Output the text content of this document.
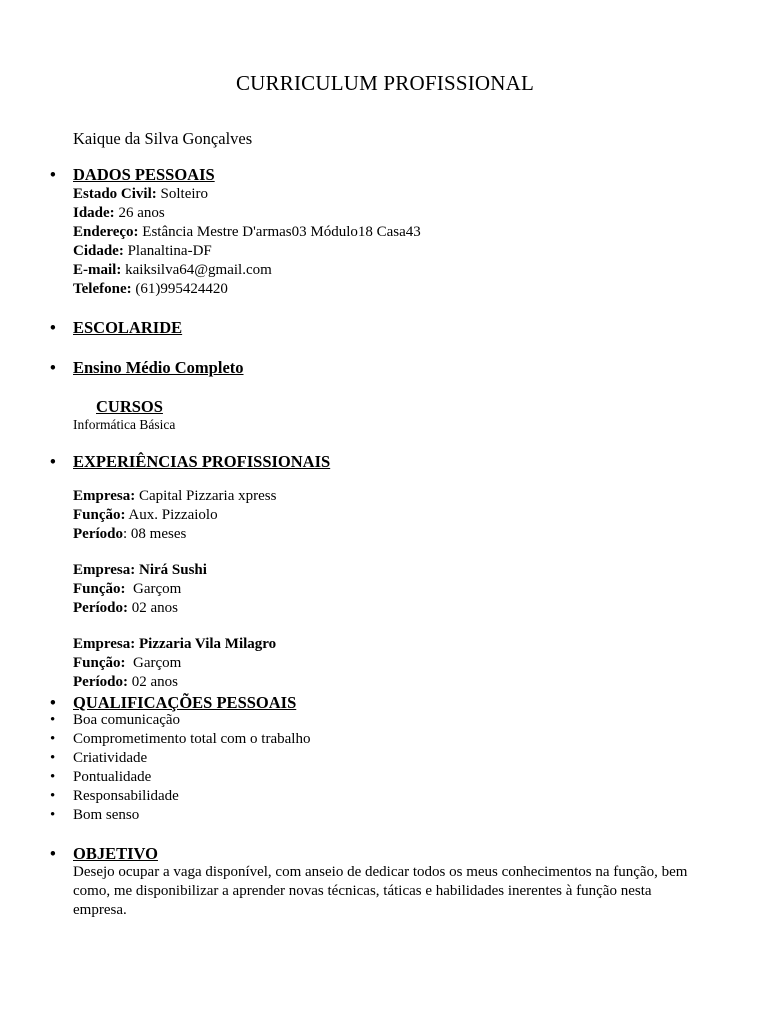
CURRICULUM PROFISSIONAL
Kaique da Silva Gonçalves
• DADOS PESSOAIS
Estado Civil: Solteiro
Idade: 26 anos
Endereço: Estância Mestre D'armas03 Módulo18 Casa43
Cidade: Planaltina-DF
E-mail: kaiksilva64@gmail.com
Telefone: (61)995424420
• ESCOLARIDE
• Ensino Médio Completo
CURSOS
Informática Básica
• EXPERIÊNCIAS PROFISSIONAIS
Empresa: Capital Pizzaria xpress
Função: Aux. Pizzaiolo
Período: 08 meses
Empresa: Nirá Sushi
Função:  Garçom
Período: 02 anos
Empresa: Pizzaria Vila Milagro
Função:  Garçom
Período: 02 anos
• QUALIFICAÇÕES PESSOAIS
• Boa comunicação
• Comprometimento total com o trabalho
• Criatividade
• Pontualidade
• Responsabilidade
• Bom senso
• OBJETIVO
Desejo ocupar a vaga disponível, com anseio de dedicar todos os meus conhecimentos na função, bem como, me disponibilizar a aprender novas técnicas, táticas e habilidades inerentes à função nesta empresa.
